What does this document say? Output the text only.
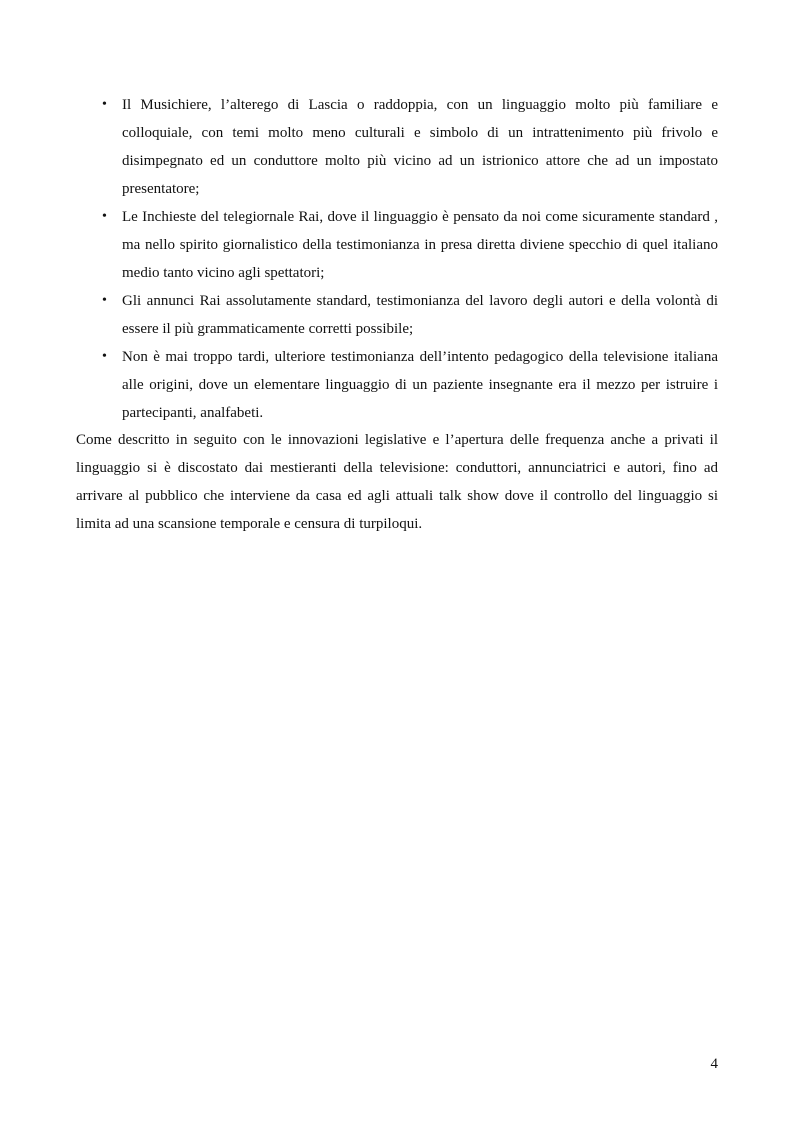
•	Il Musichiere, l’alterego di Lascia o raddoppia, con un linguaggio molto più familiare e colloquiale, con temi molto meno culturali e simbolo di un intrattenimento più frivolo e disimpegnato ed un conduttore molto più vicino ad un istrionico attore che ad un impostato presentatore;
•	Le Inchieste del telegiornale Rai, dove il linguaggio è pensato da noi come sicuramente standard , ma nello spirito giornalistico della testimonianza in presa diretta diviene specchio di quel italiano medio tanto vicino agli spettatori;
•	Gli annunci Rai assolutamente standard, testimonianza del lavoro degli autori e della volontà di essere il più grammaticamente corretti possibile;
•	Non è mai troppo tardi, ulteriore testimonianza dell’intento pedagogico della televisione italiana alle origini, dove un elementare linguaggio di un paziente insegnante era il mezzo per istruire i partecipanti, analfabeti.

Come descritto in seguito con le innovazioni legislative e l’apertura delle frequenza anche a privati il linguaggio si è discostato dai mestieranti della televisione: conduttori, annunciatrici e autori, fino ad arrivare al pubblico che interviene da casa ed agli attuali talk show dove il controllo del linguaggio si limita ad una scansione temporale e censura di turpiloqui.

4
